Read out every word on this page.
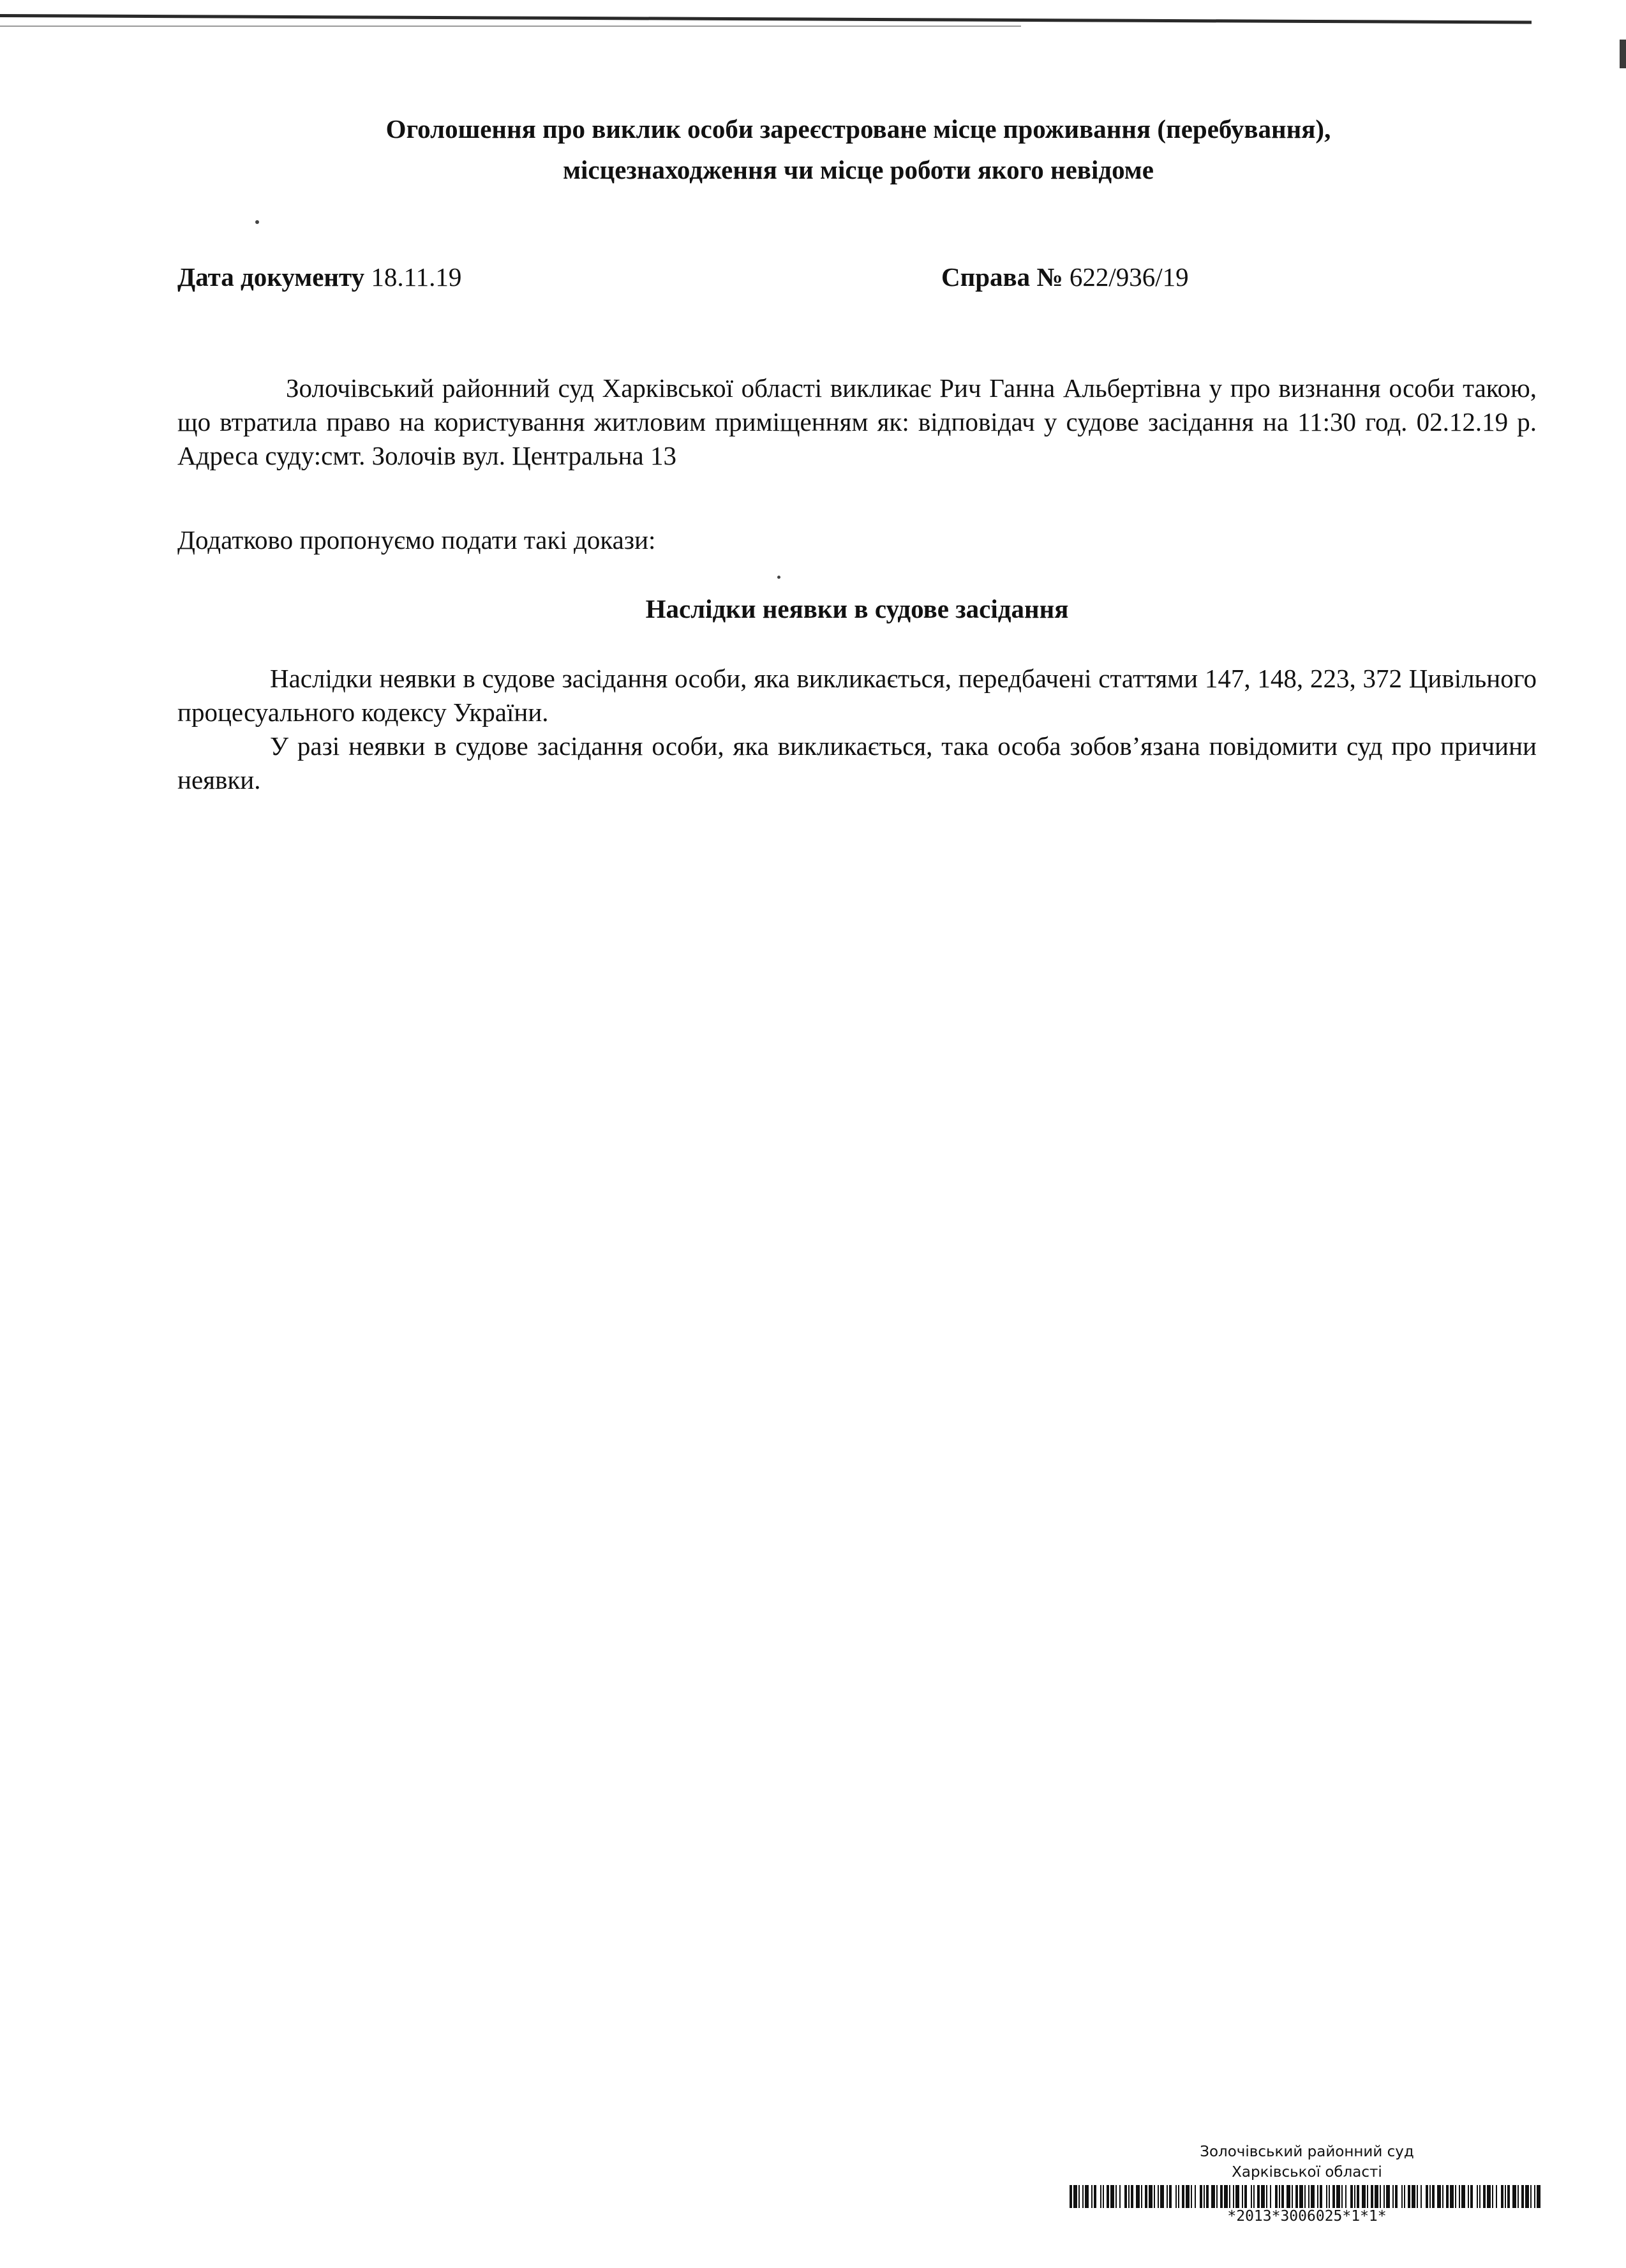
Оголошення про виклик особи зареєстроване місце проживання (перебування),
місцезнаходження чи місце роботи якого невідоме
Дата документу 18.11.19	Справа № 622/936/19
Золочівський районний суд Харківської області викликає Рич Ганна Альбертівна у про визнання особи такою, що втратила право на користування житловим приміщенням як: відповідач у судове засідання на 11:30 год. 02.12.19 р. Адреса суду:смт. Золочів вул. Центральна 13
Додатково пропонуємо подати такі докази:
Наслідки неявки в судове засідання
Наслідки неявки в судове засідання особи, яка викликається, передбачені статтями 147, 148, 223, 372 Цивільного процесуального кодексу України.
У разі неявки в судове засідання особи, яка викликається, така особа зобов’язана повідомити суд про причини неявки.
Золочівський районний суд
Харківської області
*2013*3006025*1*1*
